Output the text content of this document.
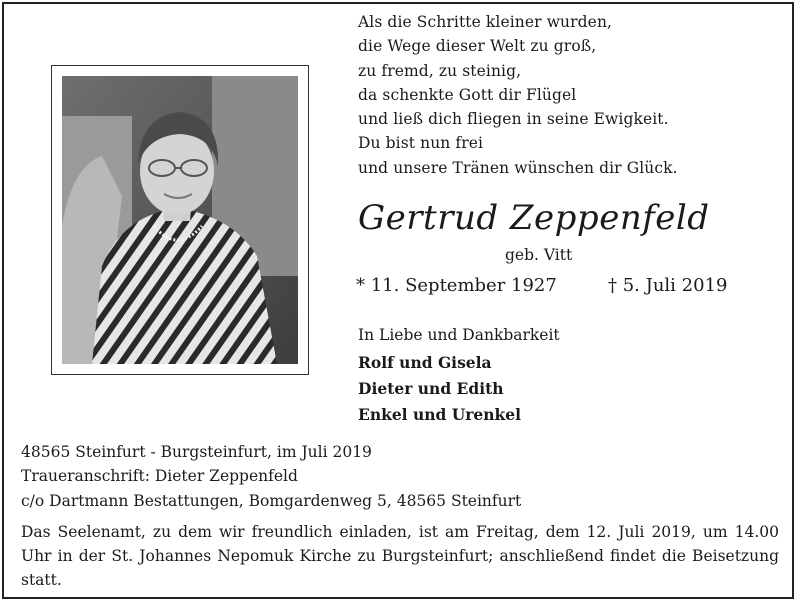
Als die Schritte kleiner wurden,
die Wege dieser Welt zu groß,
zu fremd, zu steinig,
da schenkte Gott dir Flügel
und ließ dich fliegen in seine Ewigkeit.
Du bist nun frei
und unsere Tränen wünschen dir Glück.
Gertrud Zeppenfeld
geb. Vitt
* 11. September 1927	† 5. Juli 2019
In Liebe und Dankbarkeit
Rolf und Gisela
Dieter und Edith
Enkel und Urenkel
48565 Steinfurt - Burgsteinfurt, im Juli 2019
Traueranschrift: Dieter Zeppenfeld
c/o Dartmann Bestattungen, Bomgardenweg 5, 48565 Steinfurt
Das Seelenamt, zu dem wir freundlich einladen, ist am Freitag, dem 12. Juli 2019, um 14.00 Uhr in der St. Johannes Nepomuk Kirche zu Burgsteinfurt; anschließend findet die Beisetzung statt.
